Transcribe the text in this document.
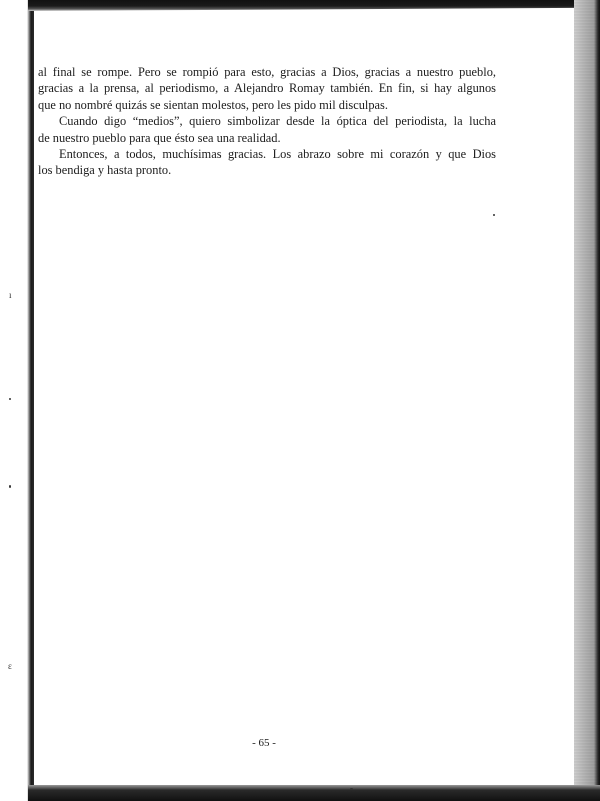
ı
ɛ

al final se rompe. Pero se rompió para esto, gracias a Dios, gracias a nuestro pueblo,
gracias a la prensa, al periodismo, a Alejandro Romay también. En fin, si hay algunos
que no nombré quizás se sientan molestos, pero les pido mil disculpas.

Cuando digo “medios”, quiero simbolizar desde la óptica del periodista, la lucha
de nuestro pueblo para que ésto sea una realidad.

Entonces, a todos, muchísimas gracias. Los abrazo sobre mi corazón y que Dios
los bendiga y hasta pronto.

- 65 -
